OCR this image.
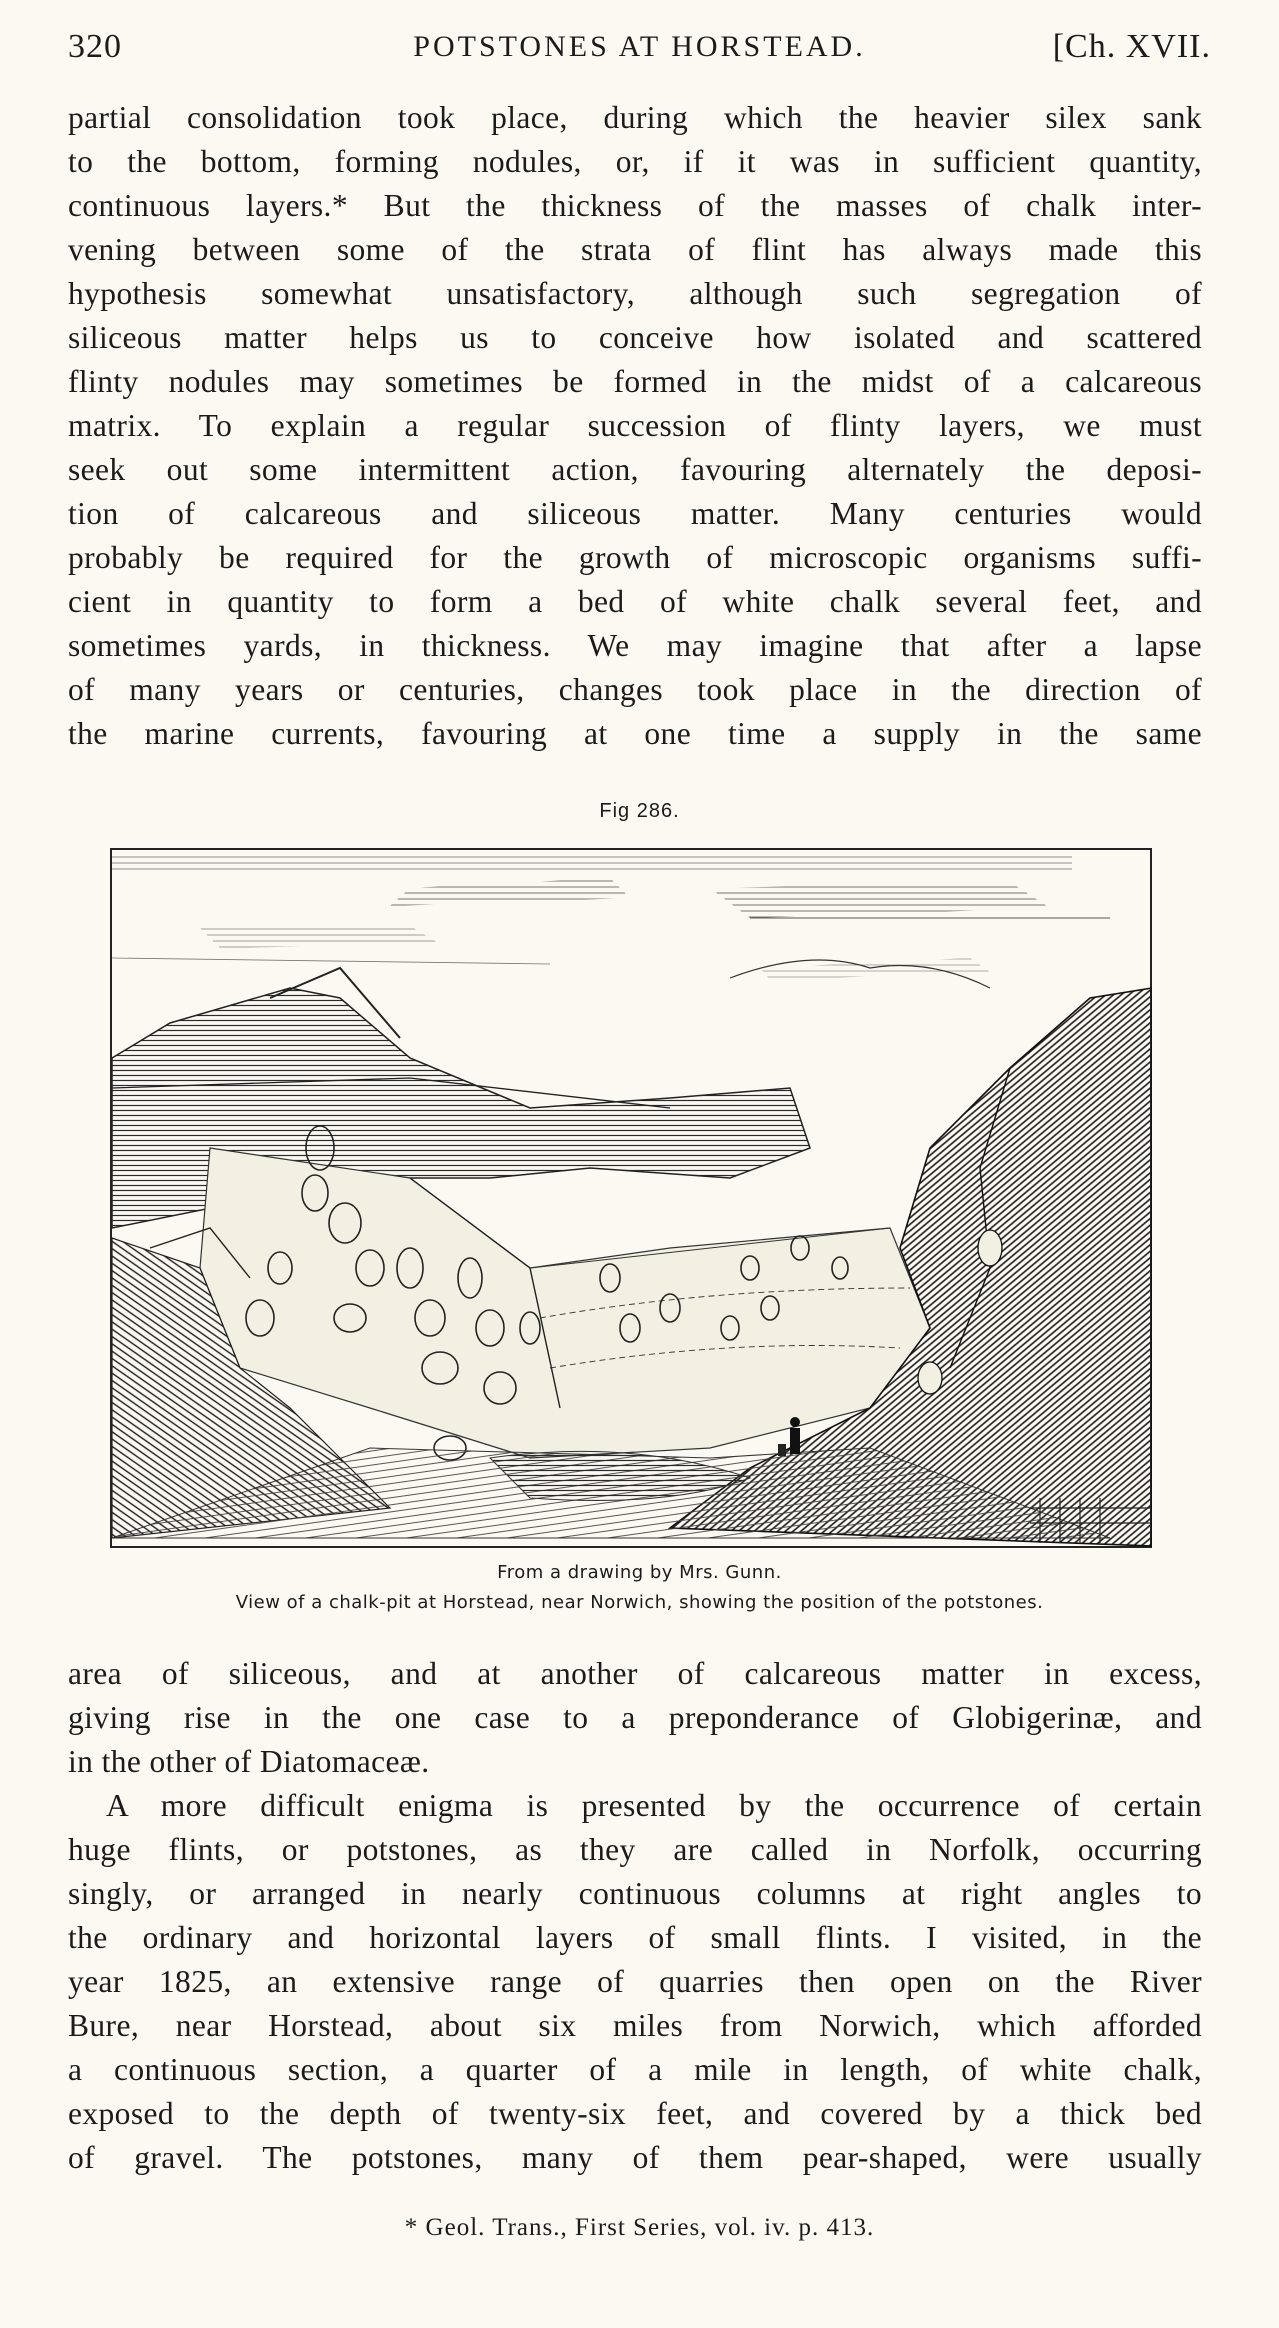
320	POTSTONES AT HORSTEAD.	[Ch. XVII.
partial consolidation took place, during which the heavier silex sank
to the bottom, forming nodules, or, if it was in sufficient quantity,
continuous layers.* But the thickness of the masses of chalk inter-
vening between some of the strata of flint has always made this
hypothesis somewhat unsatisfactory, although such segregation of
siliceous matter helps us to conceive how isolated and scattered
flinty nodules may sometimes be formed in the midst of a calcareous
matrix. To explain a regular succession of flinty layers, we must
seek out some intermittent action, favouring alternately the deposi-
tion of calcareous and siliceous matter. Many centuries would
probably be required for the growth of microscopic organisms suffi-
cient in quantity to form a bed of white chalk several feet, and
sometimes yards, in thickness. We may imagine that after a lapse
of many years or centuries, changes took place in the direction of
the marine currents, favouring at one time a supply in the same
Fig 286.
From a drawing by Mrs. Gunn.
View of a chalk-pit at Horstead, near Norwich, showing the position of the potstones.
area of siliceous, and at another of calcareous matter in excess,
giving rise in the one case to a preponderance of Globigerinæ, and
in the other of Diatomaceæ.
A more difficult enigma is presented by the occurrence of certain
huge flints, or potstones, as they are called in Norfolk, occurring
singly, or arranged in nearly continuous columns at right angles to
the ordinary and horizontal layers of small flints. I visited, in the
year 1825, an extensive range of quarries then open on the River
Bure, near Horstead, about six miles from Norwich, which afforded
a continuous section, a quarter of a mile in length, of white chalk,
exposed to the depth of twenty-six feet, and covered by a thick bed
of gravel. The potstones, many of them pear-shaped, were usually
* Geol. Trans., First Series, vol. iv. p. 413.
